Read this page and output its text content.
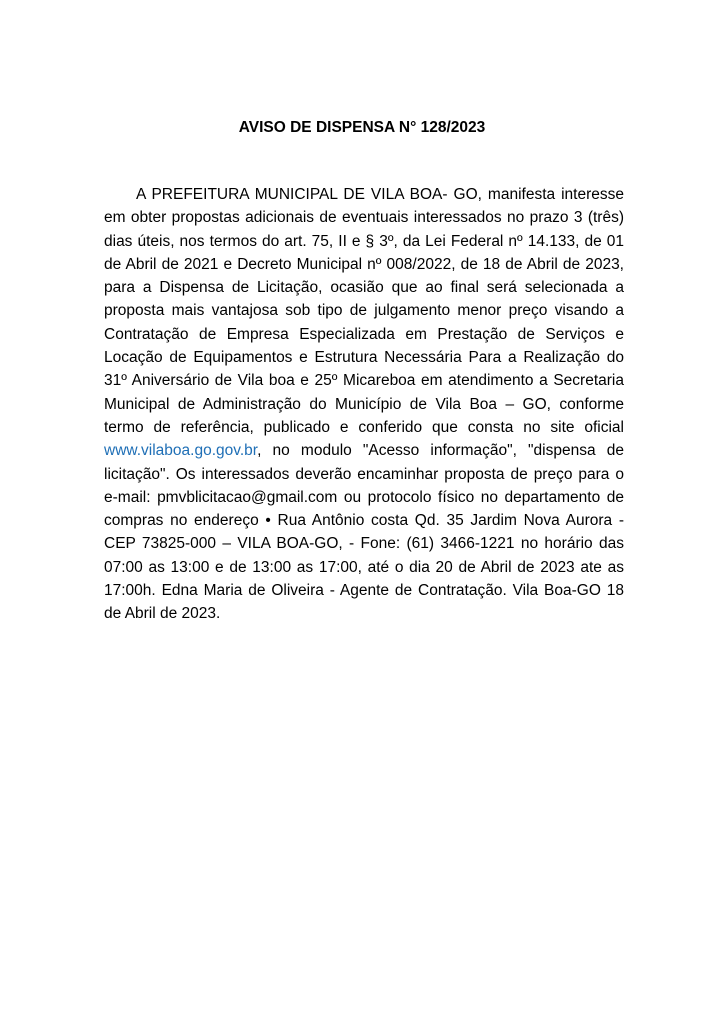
AVISO DE DISPENSA N° 128/2023

A PREFEITURA MUNICIPAL DE VILA BOA- GO, manifesta interesse em obter propostas adicionais de eventuais interessados no prazo 3 (três) dias úteis, nos termos do art. 75, II e § 3º, da Lei Federal nº 14.133, de 01 de Abril de 2021 e Decreto Municipal nº 008/2022, de 18 de Abril de 2023, para a Dispensa de Licitação, ocasião que ao final será selecionada a proposta mais vantajosa sob tipo de julgamento menor preço visando a Contratação de Empresa Especializada em Prestação de Serviços e Locação de Equipamentos e Estrutura Necessária Para a Realização do 31º Aniversário de Vila boa e 25º Micareboa em atendimento a Secretaria Municipal de Administração do Município de Vila Boa – GO, conforme termo de referência, publicado e conferido que consta no site oficial www.vilaboa.go.gov.br, no modulo "Acesso informação", "dispensa de licitação". Os interessados deverão encaminhar proposta de preço para o e-mail: pmvblicitacao@gmail.com ou protocolo físico no departamento de compras no endereço • Rua Antônio costa Qd. 35 Jardim Nova Aurora - CEP 73825-000 – VILA BOA-GO, - Fone: (61) 3466-1221 no horário das 07:00 as 13:00 e de 13:00 as 17:00, até o dia 20 de Abril de 2023 ate as 17:00h. Edna Maria de Oliveira - Agente de Contratação. Vila Boa-GO 18 de Abril de 2023.
